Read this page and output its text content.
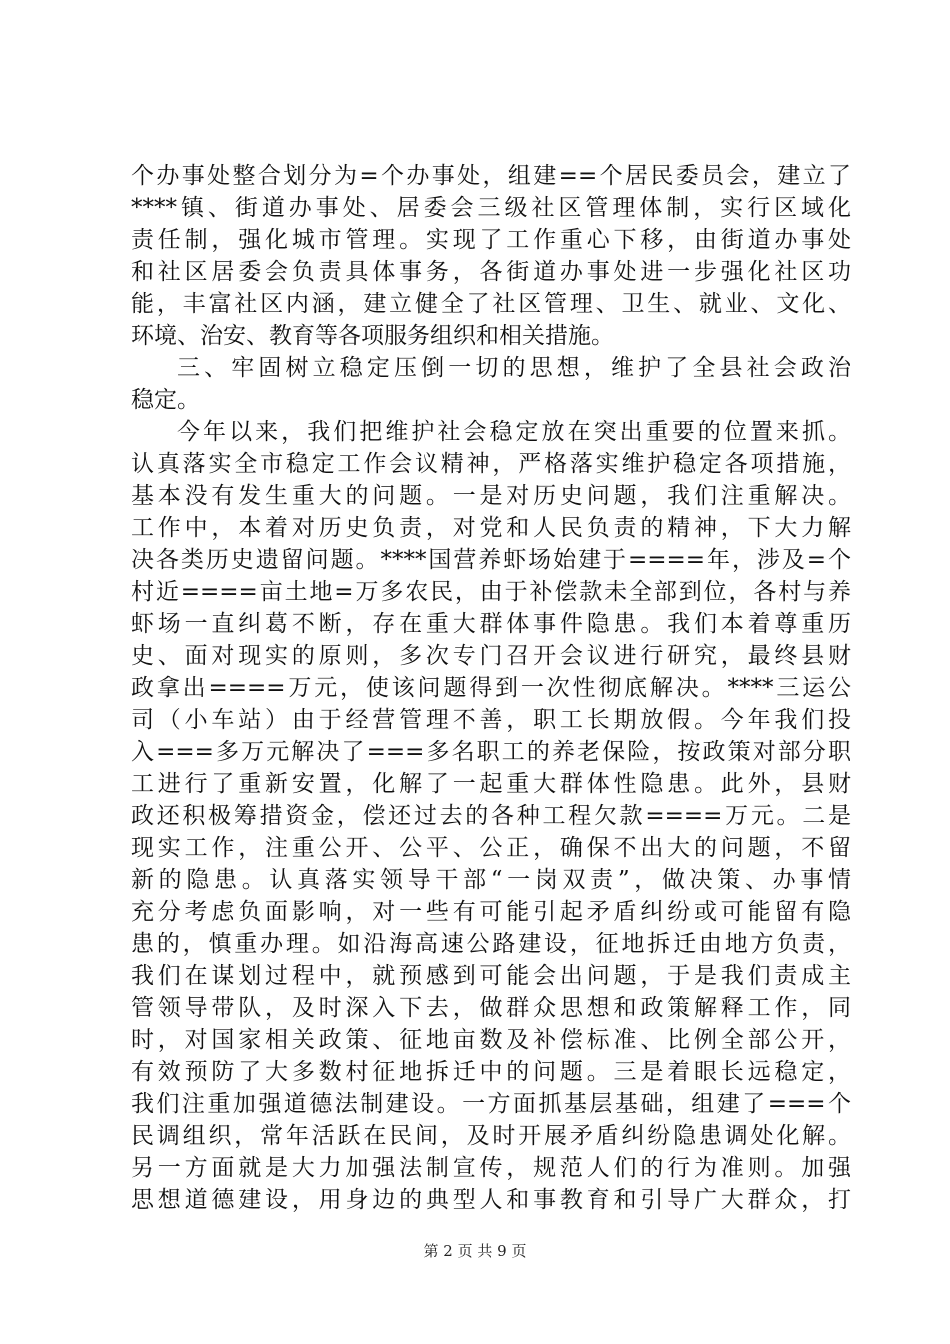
个办事处整合划分为=个办事处，组建==个居民委员会，建立了
****镇、街道办事处、居委会三级社区管理体制，实行区域化
责任制，强化城市管理。实现了工作重心下移，由街道办事处
和社区居委会负责具体事务，各街道办事处进一步强化社区功
能，丰富社区内涵，建立健全了社区管理、卫生、就业、文化、
环境、治安、教育等各项服务组织和相关措施。
三、牢固树立稳定压倒一切的思想，维护了全县社会政治
稳定。
今年以来，我们把维护社会稳定放在突出重要的位置来抓。
认真落实全市稳定工作会议精神，严格落实维护稳定各项措施，
基本没有发生重大的问题。一是对历史问题，我们注重解决。
工作中，本着对历史负责，对党和人民负责的精神，下大力解
决各类历史遗留问题。****国营养虾场始建于====年，涉及=个
村近====亩土地=万多农民，由于补偿款未全部到位，各村与养
虾场一直纠葛不断，存在重大群体事件隐患。我们本着尊重历
史、面对现实的原则，多次专门召开会议进行研究，最终县财
政拿出====万元，使该问题得到一次性彻底解决。****三运公
司（小车站）由于经营管理不善，职工长期放假。今年我们投
入===多万元解决了===多名职工的养老保险，按政策对部分职
工进行了重新安置，化解了一起重大群体性隐患。此外，县财
政还积极筹措资金，偿还过去的各种工程欠款====万元。二是
现实工作，注重公开、公平、公正，确保不出大的问题，不留
新的隐患。认真落实领导干部“一岗双责”，做决策、办事情
充分考虑负面影响，对一些有可能引起矛盾纠纷或可能留有隐
患的，慎重办理。如沿海高速公路建设，征地拆迁由地方负责，
我们在谋划过程中，就预感到可能会出问题，于是我们责成主
管领导带队，及时深入下去，做群众思想和政策解释工作，同
时，对国家相关政策、征地亩数及补偿标准、比例全部公开，
有效预防了大多数村征地拆迁中的问题。三是着眼长远稳定，
我们注重加强道德法制建设。一方面抓基层基础，组建了===个
民调组织，常年活跃在民间，及时开展矛盾纠纷隐患调处化解。
另一方面就是大力加强法制宣传，规范人们的行为准则。加强
思想道德建设，用身边的典型人和事教育和引导广大群众，打
第 2 页 共 9 页
